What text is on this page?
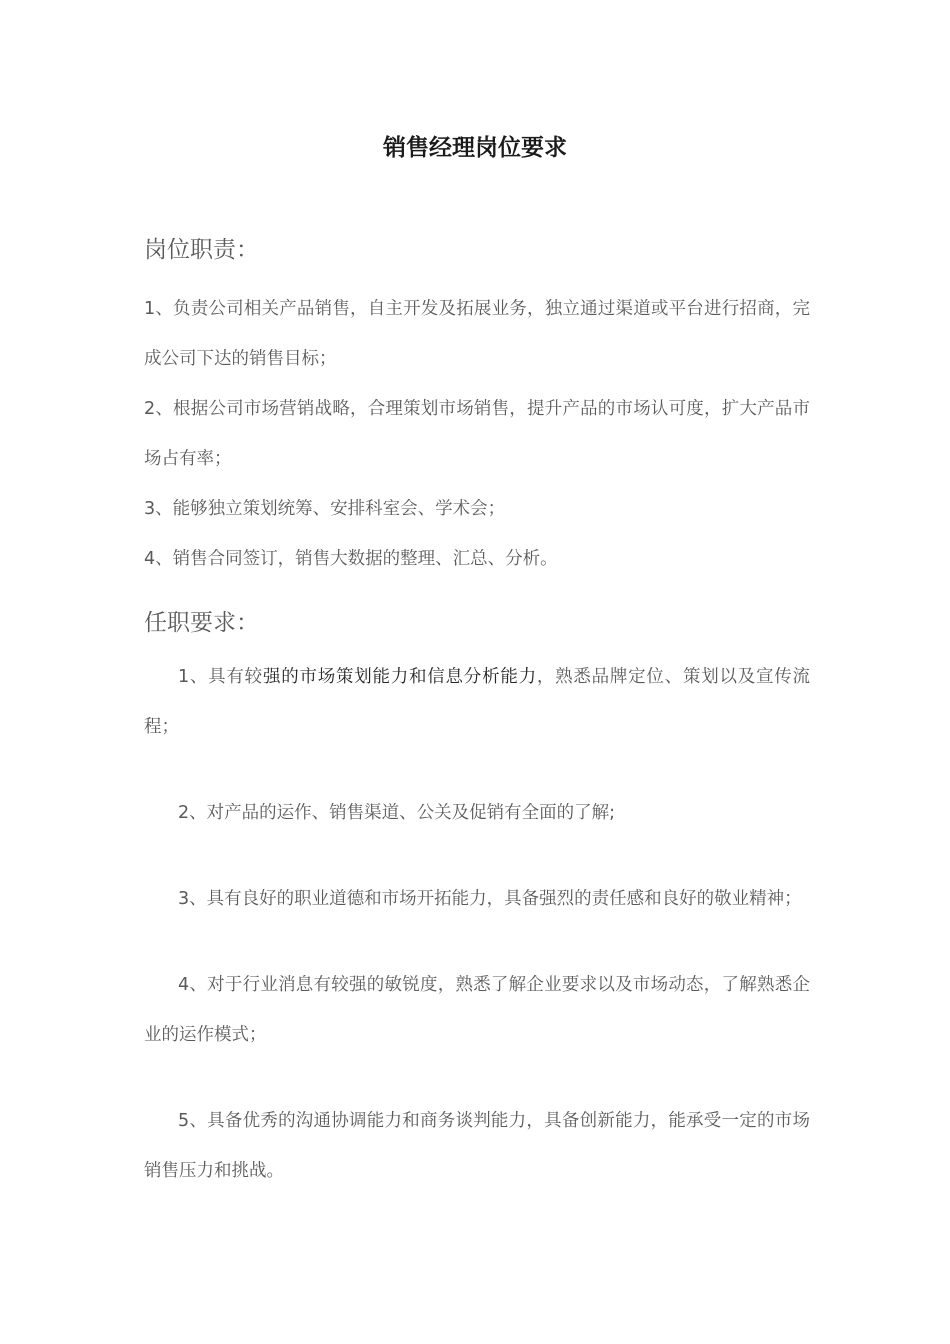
销售经理岗位要求
岗位职责：

1、负责公司相关产品销售，自主开发及拓展业务，独立通过渠道或平台进行招商，完成公司下达的销售目标；

2、根据公司市场营销战略，合理策划市场销售，提升产品的市场认可度，扩大产品市场占有率；

3、能够独立策划统筹、安排科室会、学术会；

4、销售合同签订，销售大数据的整理、汇总、分析。

任职要求：

1、具有较强的市场策划能力和信息分析能力，熟悉品牌定位、策划以及宣传流程；

2、对产品的运作、销售渠道、公关及促销有全面的了解;

3、具有良好的职业道德和市场开拓能力，具备强烈的责任感和良好的敬业精神；

4、对于行业消息有较强的敏锐度，熟悉了解企业要求以及市场动态，了解熟悉企业的运作模式；

5、具备优秀的沟通协调能力和商务谈判能力，具备创新能力，能承受一定的市场销售压力和挑战。
